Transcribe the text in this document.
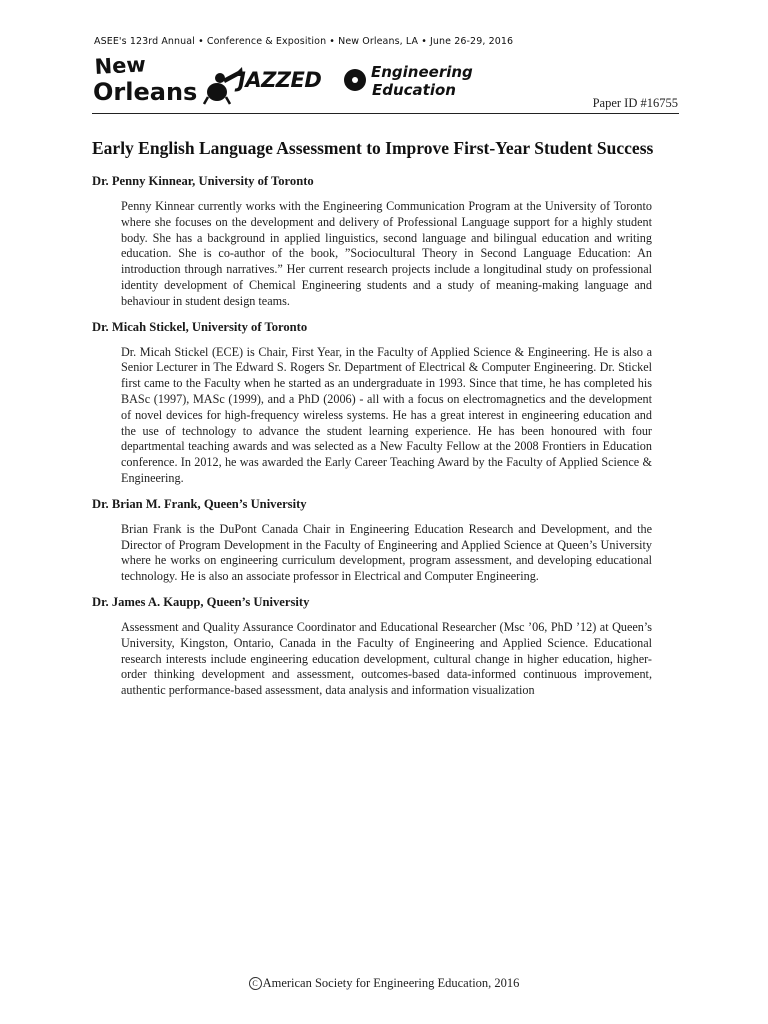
ASEE's 123rd Annual • Conference & Exposition • New Orleans, LA • June 26-29, 2016
New
Orleans JAZZED	Engineering
Education
Paper ID #16755
Early English Language Assessment to Improve First-Year Student Success

Dr. Penny Kinnear, University of Toronto

Penny Kinnear currently works with the Engineering Communication Program at the University of Toronto where she focuses on the development and delivery of Professional Language support for a highly student body. She has a background in applied linguistics, second language and bilingual education and writing education. She is co-author of the book, ”Sociocultural Theory in Second Language Education: An introduction through narratives.” Her current research projects include a longitudinal study on professional identity development of Chemical Engineering students and a study of meaning-making language and behaviour in student design teams.

Dr. Micah Stickel, University of Toronto

Dr. Micah Stickel (ECE) is Chair, First Year, in the Faculty of Applied Science & Engineering. He is also a Senior Lecturer in The Edward S. Rogers Sr. Department of Electrical & Computer Engineering. Dr. Stickel first came to the Faculty when he started as an undergraduate in 1993. Since that time, he has completed his BASc (1997), MASc (1999), and a PhD (2006) - all with a focus on electromagnetics and the development of novel devices for high-frequency wireless systems. He has a great interest in engineering education and the use of technology to advance the student learning experience. He has been honoured with four departmental teaching awards and was selected as a New Faculty Fellow at the 2008 Frontiers in Education conference. In 2012, he was awarded the Early Career Teaching Award by the Faculty of Applied Science & Engineering.

Dr. Brian M. Frank, Queen’s University

Brian Frank is the DuPont Canada Chair in Engineering Education Research and Development, and the Director of Program Development in the Faculty of Engineering and Applied Science at Queen’s University where he works on engineering curriculum development, program assessment, and developing educational technology. He is also an associate professor in Electrical and Computer Engineering.

Dr. James A. Kaupp, Queen’s University

Assessment and Quality Assurance Coordinator and Educational Researcher (Msc ’06, PhD ’12) at Queen’s University, Kingston, Ontario, Canada in the Faculty of Engineering and Applied Science. Educational research interests include engineering education development, cultural change in higher education, higher-order thinking development and assessment, outcomes-based data-informed continuous improvement, authentic performance-based assessment, data analysis and information visualization

C American Society for Engineering Education, 2016
